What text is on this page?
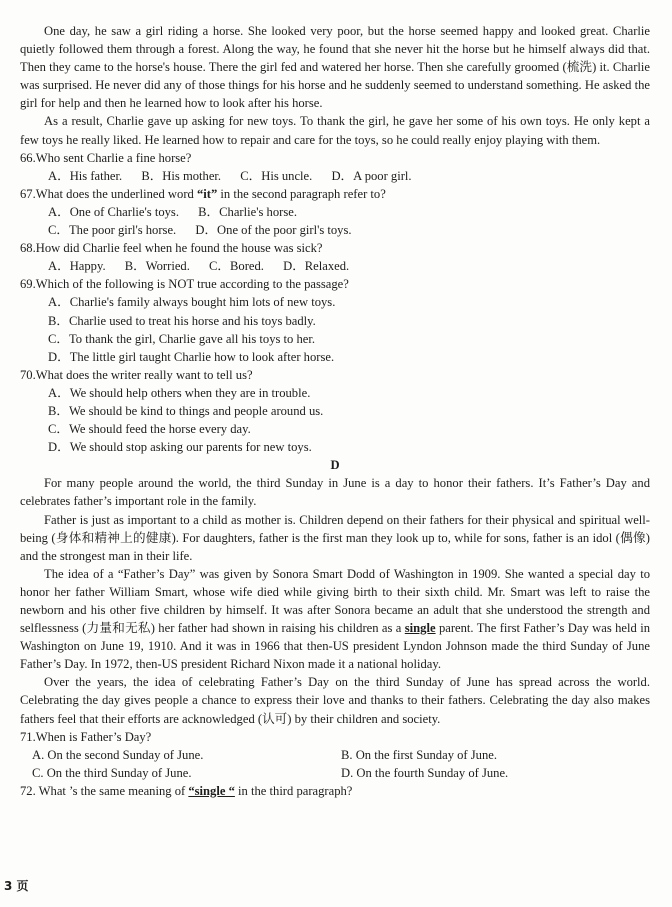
One day, he saw a girl riding a horse. She looked very poor, but the horse seemed happy and looked great. Charlie quietly followed them through a forest. Along the way, he found that she never hit the horse but he himself always did that. Then they came to the horse's house. There the girl fed and watered her horse. Then she carefully groomed (梳洗) it. Charlie was surprised. He never did any of those things for his horse and he suddenly seemed to understand something. He asked the girl for help and then he learned how to look after his horse.

As a result, Charlie gave up asking for new toys. To thank the girl, he gave her some of his own toys. He only kept a few toys he really liked. He learned how to repair and care for the toys, so he could really enjoy playing with them.

66.Who sent Charlie a fine horse?

A．His father. B．His mother. C．His uncle. D．A poor girl.

67.What does the underlined word “it” in the second paragraph refer to?

A．One of Charlie's toys. B．Charlie's horse.

C．The poor girl's horse. D．One of the poor girl's toys.

68.How did Charlie feel when he found the house was sick?

A．Happy. B．Worried. C．Bored. D．Relaxed.

69.Which of the following is NOT true according to the passage?

A．Charlie's family always bought him lots of new toys.

B．Charlie used to treat his horse and his toys badly.

C．To thank the girl, Charlie gave all his toys to her.

D．The little girl taught Charlie how to look after horse.

70.What does the writer really want to tell us?

A．We should help others when they are in trouble.

B．We should be kind to things and people around us.

C．We should feed the horse every day.

D．We should stop asking our parents for new toys.

D

For many people around the world, the third Sunday in June is a day to honor their fathers. It’s Father’s Day and celebrates father’s important role in the family.

Father is just as important to a child as mother is. Children depend on their fathers for their physical and spiritual well-being (身体和精神上的健康). For daughters, father is the first man they look up to, while for sons, father is an idol (偶像) and the strongest man in their life.

The idea of a “Father’s Day” was given by Sonora Smart Dodd of Washington in 1909. She wanted a special day to honor her father William Smart, whose wife died while giving birth to their sixth child. Mr. Smart was left to raise the newborn and his other five children by himself. It was after Sonora became an adult that she understood the strength and selflessness (力量和无私) her father had shown in raising his children as a single parent. The first Father’s Day was held in Washington on June 19, 1910. And it was in 1966 that then-US president Lyndon Johnson made the third Sunday of June Father’s Day. In 1972, then-US president Richard Nixon made it a national holiday.

Over the years, the idea of celebrating Father’s Day on the third Sunday of June has spread across the world. Celebrating the day gives people a chance to express their love and thanks to their fathers. Celebrating the day also makes fathers feel that their efforts are acknowledged (认可) by their children and society.

71.When is Father’s Day?

A. On the second Sunday of June.	B. On the first Sunday of June.
C. On the third Sunday of June.	D. On the fourth Sunday of June.

72. What ’s the same meaning of “single “ in the third paragraph?

3 页
